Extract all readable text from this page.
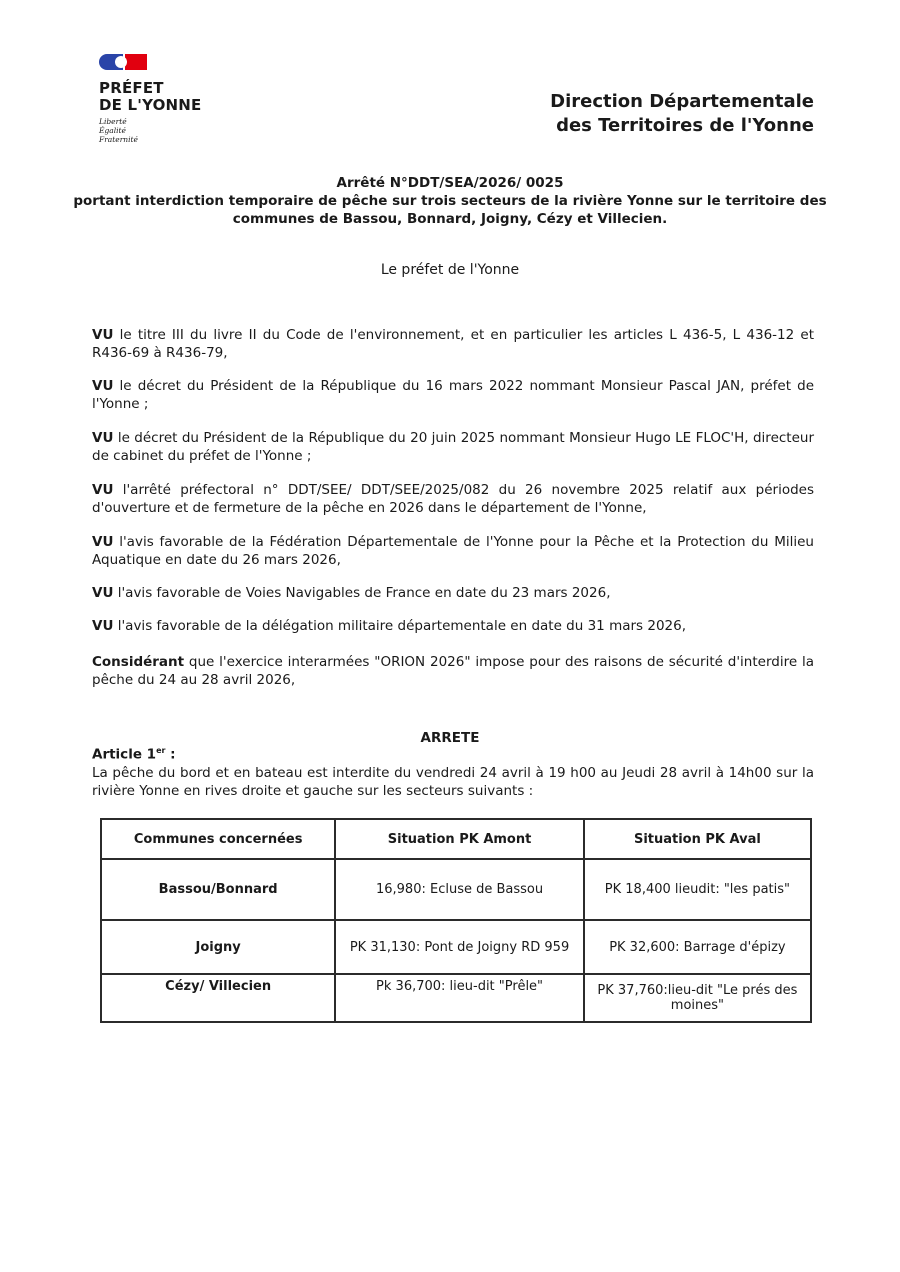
PRÉFET
DE L'YONNE
Liberté
Égalité
Fraternité
Direction Départementale
des Territoires de l'Yonne
Arrêté N°DDT/SEA/2026/ 0025
portant interdiction temporaire de pêche sur trois secteurs de la rivière Yonne sur le territoire des
communes de Bassou, Bonnard, Joigny, Cézy et Villecien.
Le préfet de l'Yonne
VU le titre III du livre II du Code de l'environnement, et en particulier les articles L 436-5, L 436-12 et R436-69 à R436-79,
VU le décret du Président de la République du 16 mars 2022 nommant Monsieur Pascal JAN, préfet de l'Yonne ;
VU le décret du Président de la République du 20 juin 2025 nommant Monsieur Hugo LE FLOC'H, directeur de cabinet du préfet de l'Yonne ;
VU l'arrêté préfectoral n° DDT/SEE/ DDT/SEE/2025/082 du 26 novembre 2025 relatif aux périodes d'ouverture et de fermeture de la pêche en 2026 dans le département de l'Yonne,
VU l'avis favorable de la Fédération Départementale de l'Yonne pour la Pêche et la Protection du Milieu Aquatique en date du 26 mars 2026,
VU l'avis favorable de Voies Navigables de France en date du 23 mars 2026,
VU l'avis favorable de la délégation militaire départementale en date du 31 mars 2026,
Considérant que l'exercice interarmées "ORION 2026" impose pour des raisons de sécurité d'interdire la pêche du 24 au 28 avril 2026,
ARRETE
Article 1er :
La pêche du bord et en bateau est interdite du vendredi 24 avril à 19 h00 au Jeudi 28 avril à 14h00 sur la rivière Yonne en rives droite et gauche sur les secteurs suivants :
Communes concernées	Situation PK Amont	Situation PK Aval
Bassou/Bonnard	16,980: Ecluse de Bassou	PK 18,400 lieudit: "les patis"
Joigny	PK 31,130: Pont de Joigny RD 959	PK 32,600: Barrage d'épizy
Cézy/ Villecien	Pk 36,700: lieu-dit "Prêle"	PK 37,760:lieu-dit "Le prés des moines"
